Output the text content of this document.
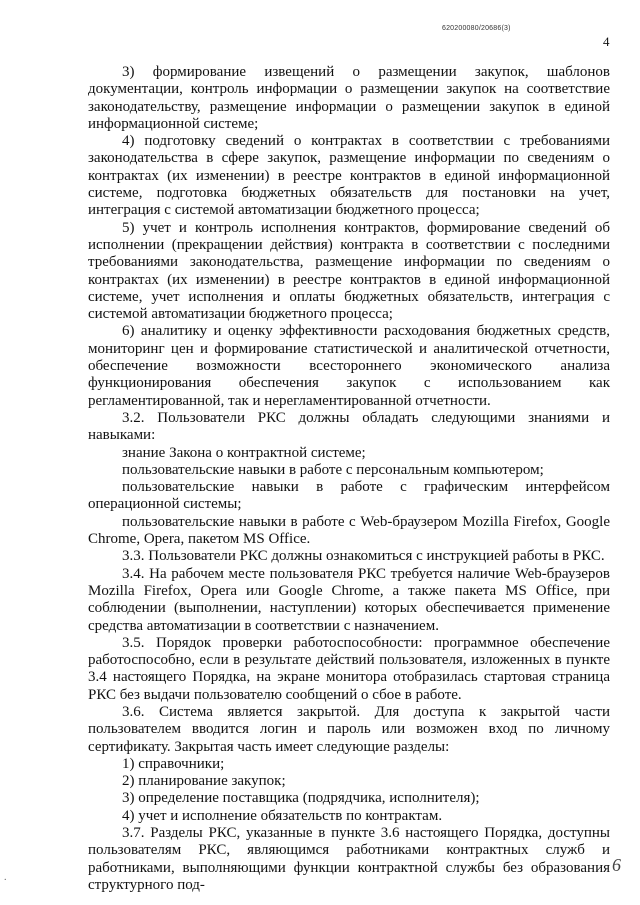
620200080/20686(3)
4

3) формирование извещений о размещении закупок, шаблонов документации, контроль информации о размещении закупок на соответствие законодательству, размещение информации о размещении закупок в единой информационной системе;

4) подготовку сведений о контрактах в соответствии с требованиями законодательства в сфере закупок, размещение информации по сведениям о контрактах (их изменении) в реестре контрактов в единой информационной системе, подготовка бюджетных обязательств для постановки на учет, интеграция с системой автоматизации бюджетного процесса;

5) учет и контроль исполнения контрактов, формирование сведений об исполнении (прекращении действия) контракта в соответствии с последними требованиями законодательства, размещение информации по сведениям о контрактах (их изменении) в реестре контрактов в единой информационной системе, учет исполнения и оплаты бюджетных обязательств, интеграция с системой автоматизации бюджетного процесса;

6) аналитику и оценку эффективности расходования бюджетных средств, мониторинг цен и формирование статистической и аналитической отчетности, обеспечение возможности всестороннего экономического анализа функционирования обеспечения закупок с использованием как регламентированной, так и нерегламентированной отчетности.

3.2. Пользователи РКС должны обладать следующими знаниями и навыками:

знание Закона о контрактной системе;

пользовательские навыки в работе с персональным компьютером;

пользовательские навыки в работе с графическим интерфейсом операционной системы;

пользовательские навыки в работе с Web-браузером Mozilla Firefox, Google Chrome, Opera, пакетом MS Office.

3.3. Пользователи РКС должны ознакомиться с инструкцией работы в РКС.

3.4. На рабочем месте пользователя РКС требуется наличие Web-браузеров Mozilla Firefox, Opera или Google Chrome, а также пакета MS Office, при соблюдении (выполнении, наступлении) которых обеспечивается применение средства автоматизации в соответствии с назначением.

3.5. Порядок проверки работоспособности: программное обеспечение работоспособно, если в результате действий пользователя, изложенных в пункте 3.4 настоящего Порядка, на экране монитора отобразилась стартовая страница РКС без выдачи пользователю сообщений о сбое в работе.

3.6. Система является закрытой. Для доступа к закрытой части пользователем вводится логин и пароль или возможен вход по личному сертификату. Закрытая часть имеет следующие разделы:

1) справочники;

2) планирование закупок;

3) определение поставщика (подрядчика, исполнителя);

4) учет и исполнение обязательств по контрактам.

3.7. Разделы РКС, указанные в пункте 3.6 настоящего Порядка, доступны пользователям РКС, являющимся работниками контрактных служб и работниками, выполняющими функции контрактной службы без образования структурного под-

6
.
